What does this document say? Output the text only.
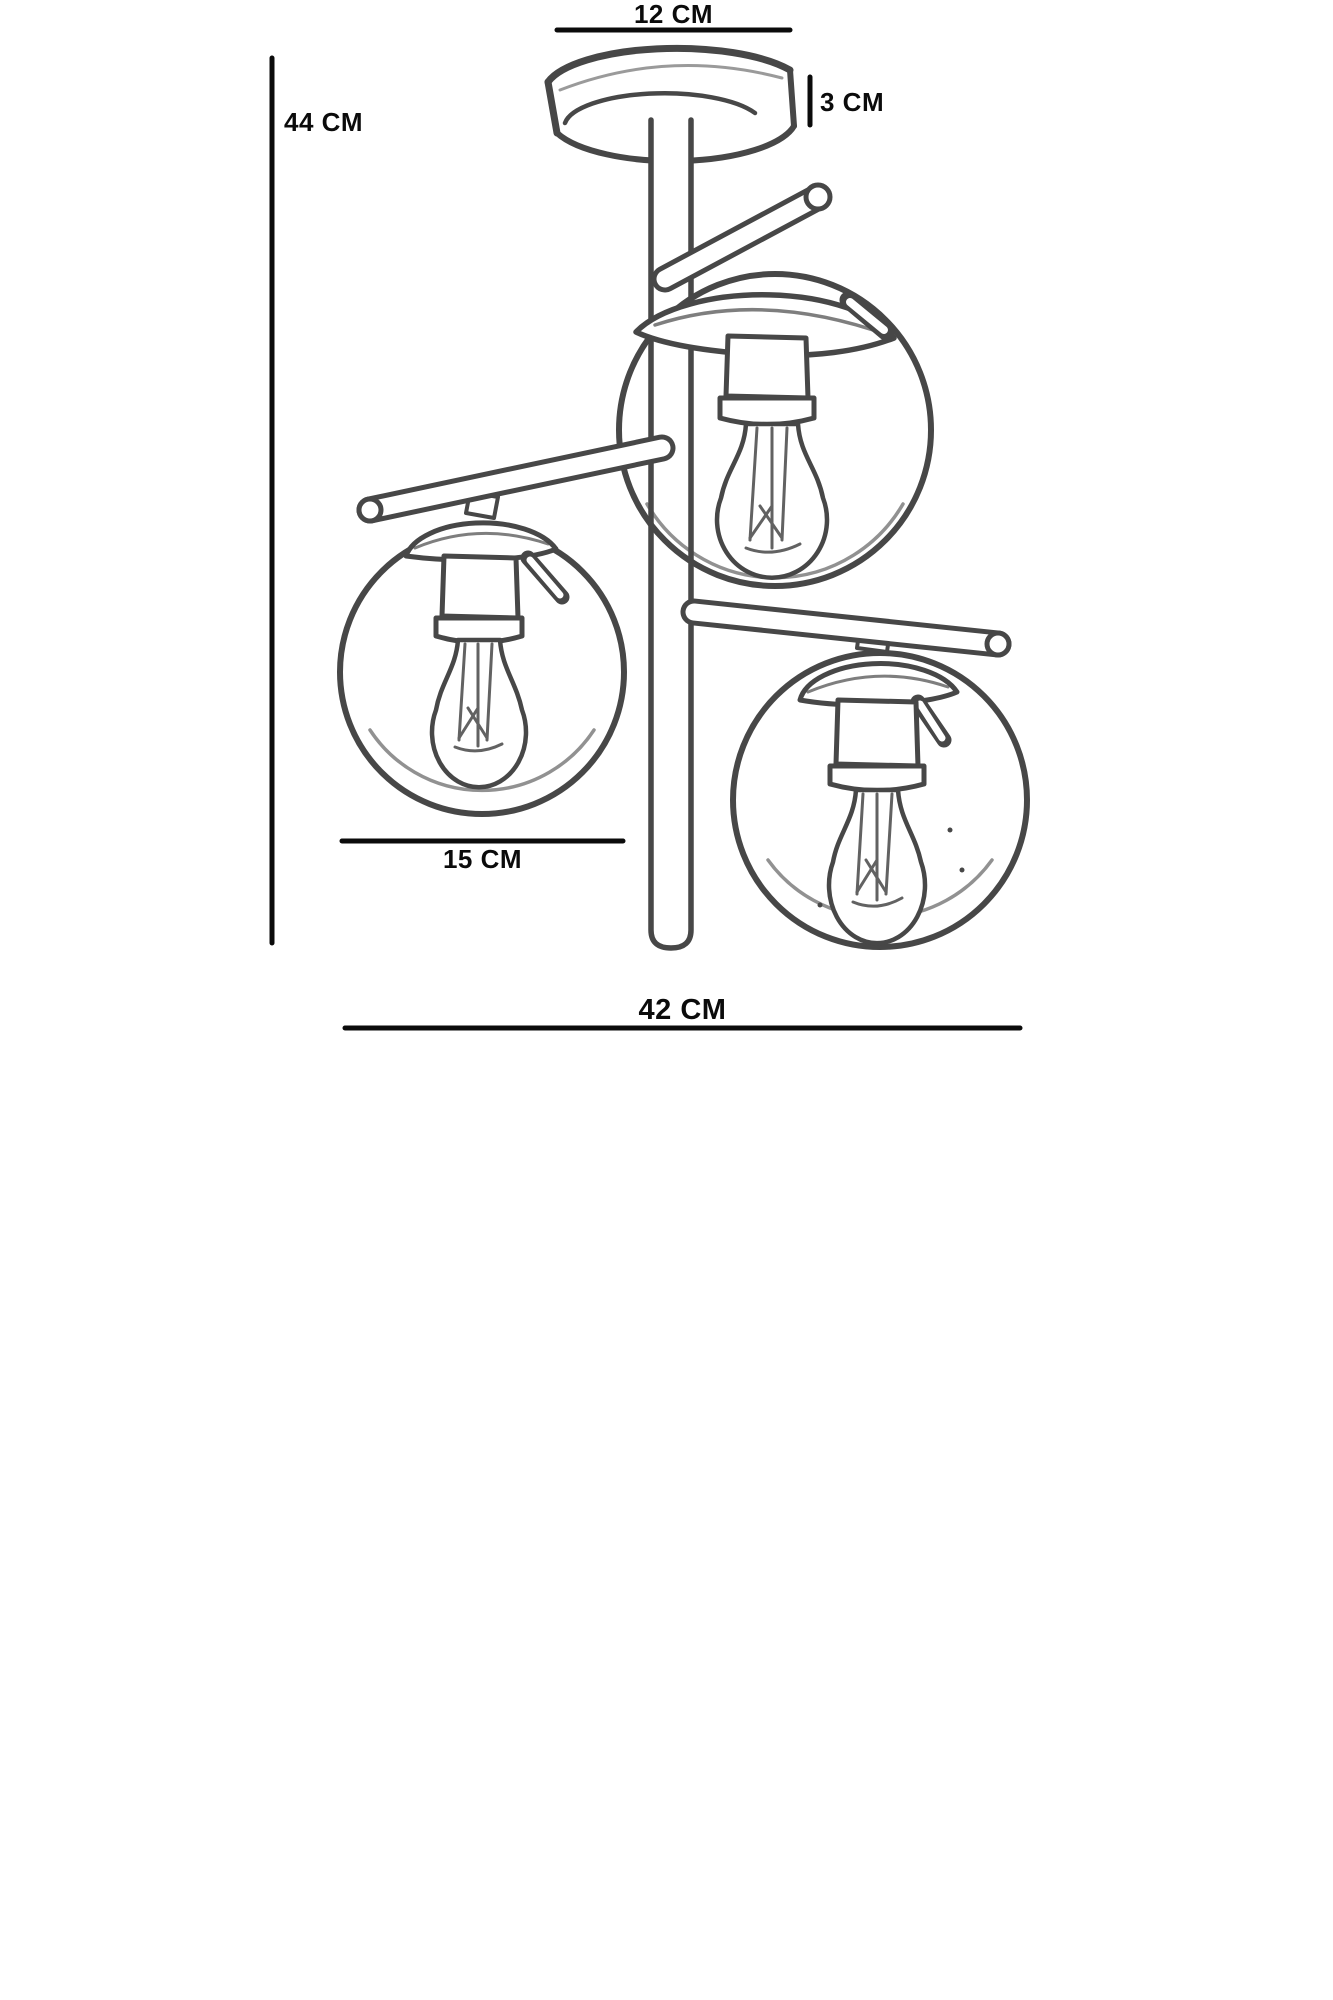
12 CM
3 CM
44 CM
15 CM
42 CM
